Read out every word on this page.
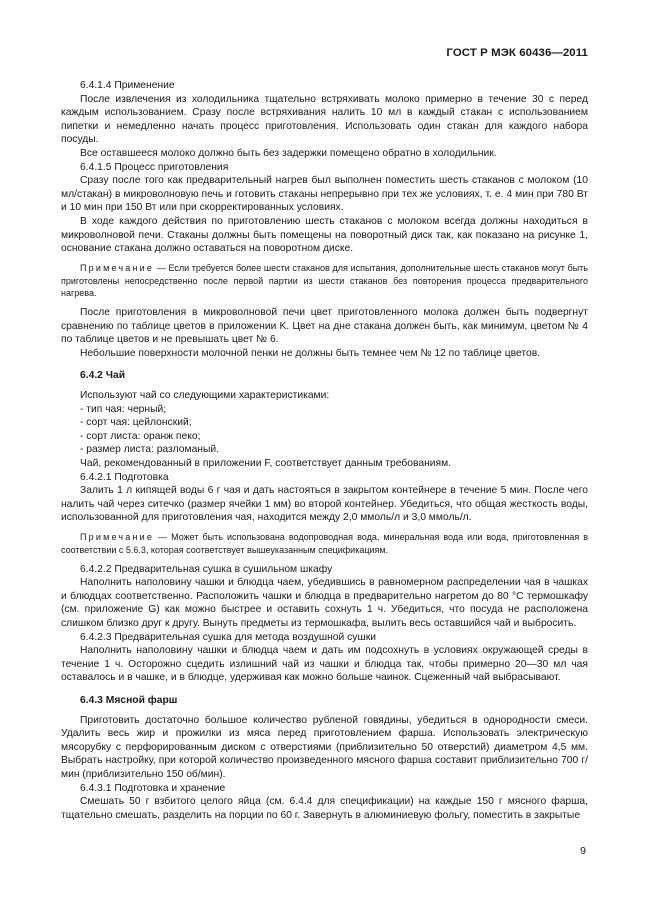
ГОСТ Р МЭК 60436—2011

6.4.1.4 Применение

После извлечения из холодильника тщательно встряхивать молоко примерно в течение 30 с перед каждым использованием. Сразу после встряхивания налить 10 мл в каждый стакан с использованием пипетки и немедленно начать процесс приготовления. Использовать один стакан для каждого набора посуды.

Все оставшееся молоко должно быть без задержки помещено обратно в холодильник.

6.4.1.5 Процесс приготовления

Сразу после того как предварительный нагрев был выполнен поместить шесть стаканов с молоком (10 мл/стакан) в микроволновую печь и готовить стаканы непрерывно при тех же условиях, т. е. 4 мин при 780 Вт и 10 мин при 150 Вт или при скорректированных условиях.

В ходе каждого действия по приготовлению шесть стаканов с молоком всегда должны находиться в микроволновой печи. Стаканы должны быть помещены на поворотный диск так, как показано на рисунке 1, основание стакана должно оставаться на поворотном диске.

Примечание — Если требуется более шести стаканов для испытания, дополнительные шесть стаканов могут быть приготовлены непосредственно после первой партии из шести стаканов без повторения процесса предварительного нагрева.

После приготовления в микроволновой печи цвет приготовленного молока должен быть подвергнут сравнению по таблице цветов в приложении K. Цвет на дне стакана должен быть, как минимум, цветом № 4 по таблице цветов и не превышать цвет № 6.

Небольшие поверхности молочной пенки не должны быть темнее чем № 12 по таблице цветов.

6.4.2 Чай

Используют чай со следующими характеристиками:

- тип чая: черный;

- сорт чая: цейлонский;

- сорт листа: оранж пеко;

- размер листа: разломаный.

Чай, рекомендованный в приложении F, соответствует данным требованиям.

6.4.2.1 Подготовка

Залить 1 л кипящей воды 6 г чая и дать настояться в закрытом контейнере в течение 5 мин. После чего налить чай через ситечко (размер ячейки 1 мм) во второй контейнер. Убедиться, что общая жесткость воды, использованной для приготовления чая, находится между 2,0 ммоль/л и 3,0 ммоль/л.

Примечание — Может быть использована водопроводная вода, минеральная вода или вода, приготовленная в соответствии с 5.6.3, которая соответствует вышеуказанным спецификациям.

6.4.2.2 Предварительная сушка в сушильном шкафу

Наполнить наполовину чашки и блюдца чаем, убедившись в равномерном распределении чая в чашках и блюдцах соответственно. Расположить чашки и блюдца в предварительно нагретом до 80 °С термошкафу (см. приложение G) как можно быстрее и оставить сохнуть 1 ч. Убедиться, что посуда не расположена слишком близко друг к другу. Вынуть предметы из термошкафа, вылить весь оставшийся чай и выбросить.

6.4.2.3 Предварительная сушка для метода воздушной сушки

Наполнить наполовину чашки и блюдца чаем и дать им подсохнуть в условиях окружающей среды в течение 1 ч. Осторожно сцедить излишний чай из чашки и блюдца так, чтобы примерно 20—30 мл чая оставалось и в чашке, и в блюдце, удерживая как можно больше чаинок. Сцеженный чай выбрасывают.

6.4.3 Мясной фарш

Приготовить достаточно большое количество рубленой говядины, убедиться в однородности смеси. Удалить весь жир и прожилки из мяса перед приготовлением фарша. Использовать электрическую мясорубку с перфорированным диском с отверстиями (приблизительно 50 отверстий) диаметром 4,5 мм. Выбрать настройку, при которой количество произведенного мясного фарша составит приблизительно 700 г/мин (приблизительно 150 об/мин).

6.4.3.1 Подготовка и хранение

Смешать 50 г взбитого целого яйца (см. 6.4.4 для спецификации) на каждые 150 г мясного фарша, тщательно смешать, разделить на порции по 60 г. Завернуть в алюминиевую фольгу, поместить в закрытые

9
